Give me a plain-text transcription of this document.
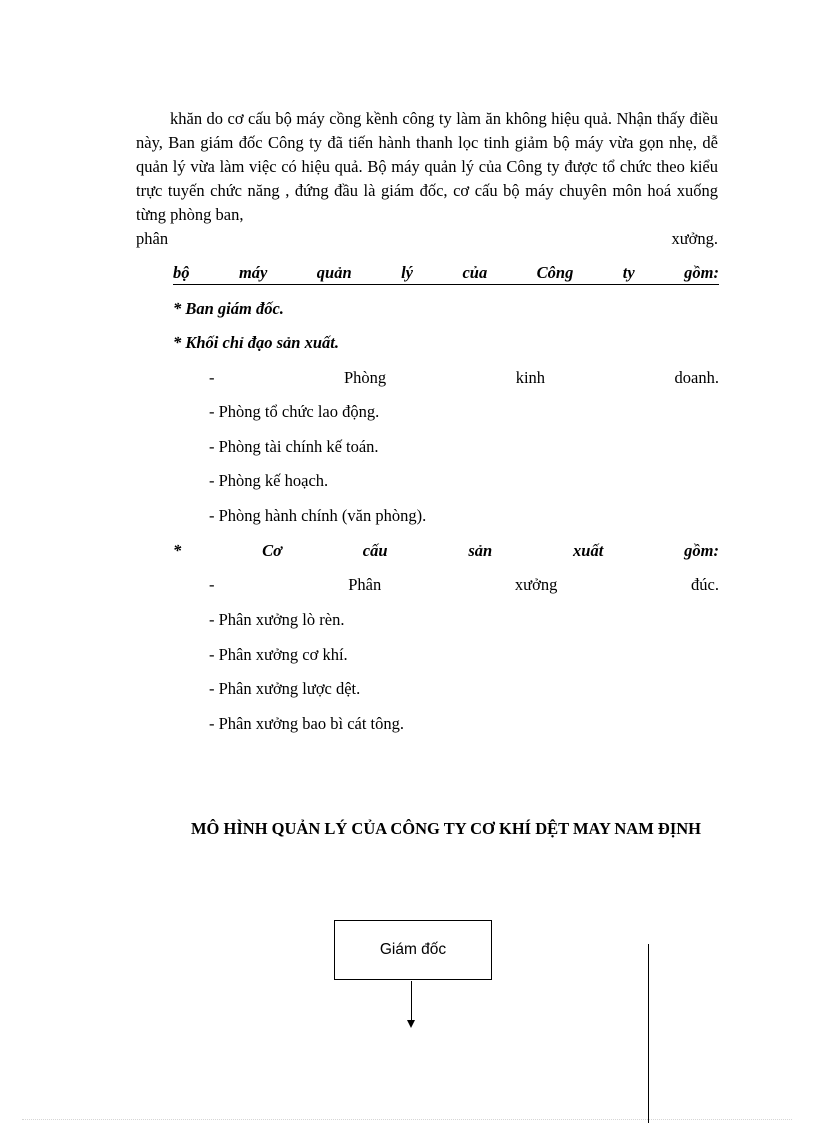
khăn do cơ cấu bộ máy cồng kềnh công ty làm ăn không hiệu quả. Nhận thấy điều này, Ban giám đốc Công ty đã tiến hành thanh lọc tinh giảm bộ máy vừa gọn nhẹ, dễ quản lý vừa làm việc có hiệu quả. Bộ máy quản lý của Công ty được tổ chức theo kiểu trực tuyến chức năng , đứng đầu là giám đốc, cơ cấu bộ máy chuyên môn hoá xuống từng phòng ban,

phân	xưởng.
bộ	máy	quản	lý	của	Công	ty	gồm:
* Ban giám đốc.
* Khối chỉ đạo sản xuất.
-	Phòng	kinh	doanh.
- Phòng tổ chức lao động.
- Phòng tài chính kế toán.
- Phòng kế hoạch.
- Phòng hành chính (văn phòng).
*	Cơ	cấu	sản	xuất	gồm:
-	Phân	xưởng	đúc.
- Phân xưởng lò rèn.
- Phân xưởng cơ khí.
- Phân xưởng lược dệt.
- Phân xưởng bao bì cát tông.
MÔ HÌNH QUẢN LÝ CỦA CÔNG TY CƠ KHÍ DỆT MAY NAM ĐỊNH
Giám đốc
